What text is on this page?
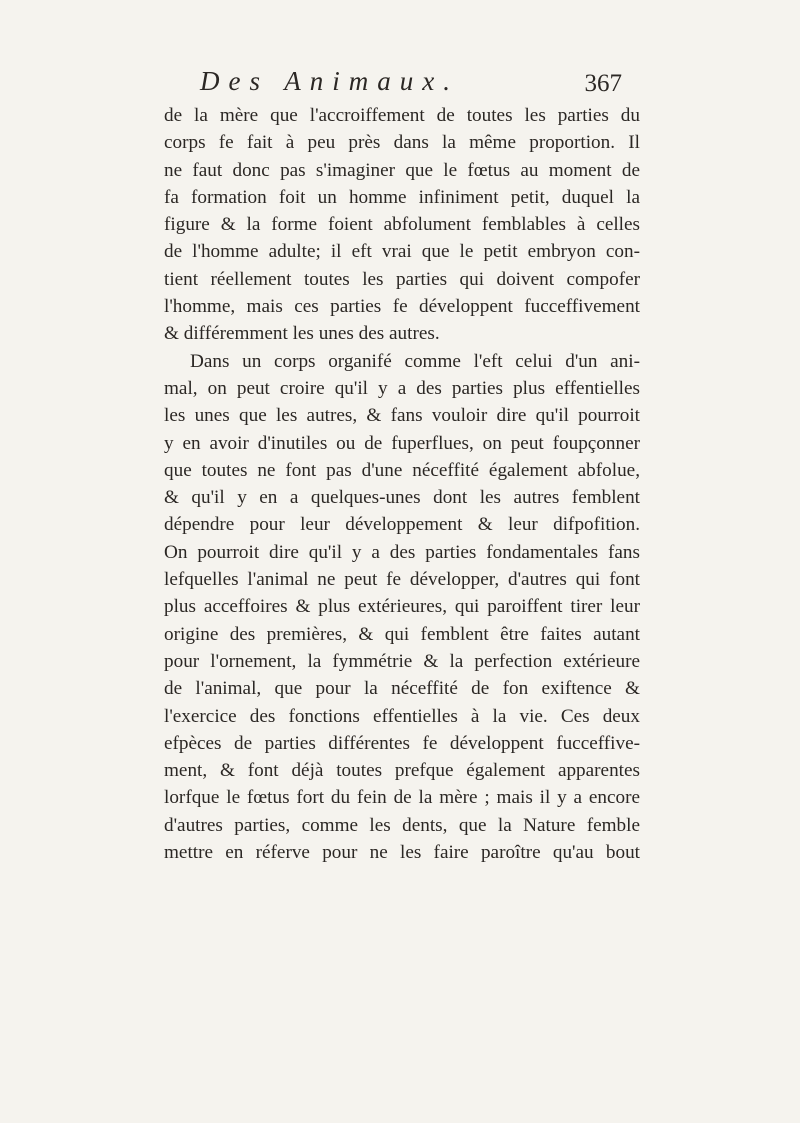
Des Animaux.	367
de la mère que l'accroiffement de toutes les parties du
corps fe fait à peu près dans la même proportion. Il
ne faut donc pas s'imaginer que le fœtus au moment de
fa formation foit un homme infiniment petit, duquel la
figure & la forme foient abfolument femblables à celles
de l'homme adulte; il eft vrai que le petit embryon con-
tient réellement toutes les parties qui doivent compofer
l'homme, mais ces parties fe développent fucceffivement
& différemment les unes des autres.
Dans un corps organifé comme l'eft celui d'un ani-
mal, on peut croire qu'il y a des parties plus effentielles
les unes que les autres, & fans vouloir dire qu'il pourroit
y en avoir d'inutiles ou de fuperflues, on peut foupçonner
que toutes ne font pas d'une néceffité également abfolue,
& qu'il y en a quelques-unes dont les autres femblent
dépendre pour leur développement & leur difpofition.
On pourroit dire qu'il y a des parties fondamentales fans
lefquelles l'animal ne peut fe développer, d'autres qui font
plus acceffoires & plus extérieures, qui paroiffent tirer leur
origine des premières, & qui femblent être faites autant
pour l'ornement, la fymmétrie & la perfection extérieure
de l'animal, que pour la néceffité de fon exiftence &
l'exercice des fonctions effentielles à la vie. Ces deux
efpèces de parties différentes fe développent fucceffive-
ment, & font déjà toutes prefque également apparentes
lorfque le fœtus fort du fein de la mère ; mais il y a encore
d'autres parties, comme les dents, que la Nature femble
mettre en réferve pour ne les faire paroître qu'au bout
